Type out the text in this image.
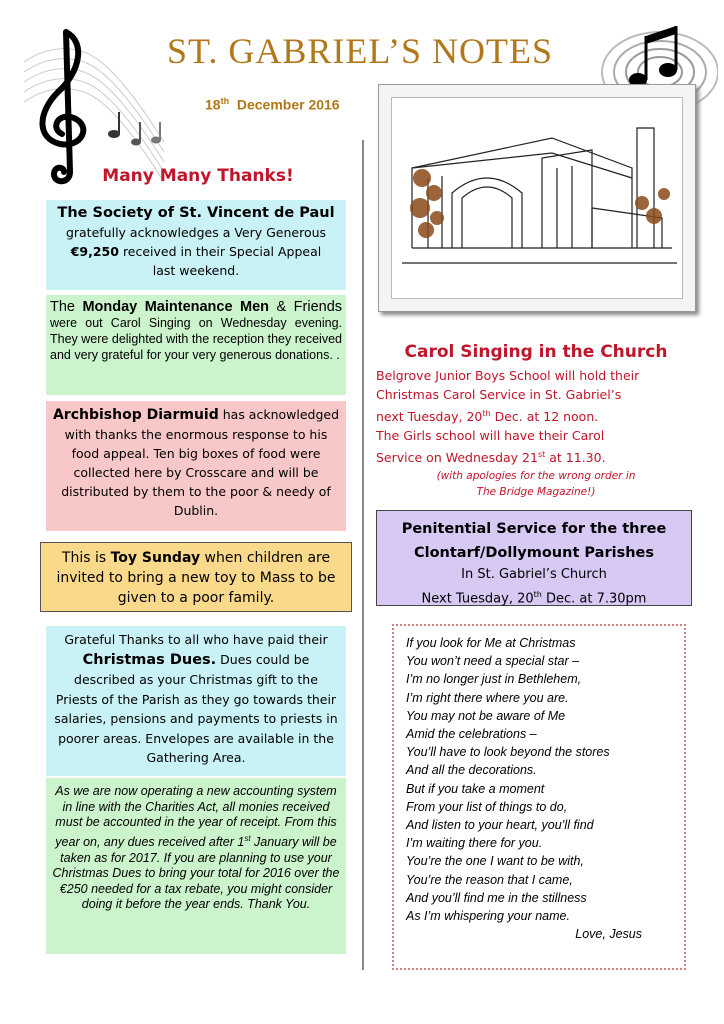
ST. GABRIEL’S NOTES
18th December 2016
Many Many Thanks!
The Society of St. Vincent de Paul
gratefully acknowledges a Very Generous
€9,250 received in their Special Appeal
last weekend.
The Monday Maintenance Men & Friends were out Carol Singing on Wednesday evening. They were delighted with the reception they received and very grateful for your very generous donations. .
Archbishop Diarmuid has acknowledged with thanks the enormous response to his food appeal. Ten big boxes of food were collected here by Crosscare and will be distributed by them to the poor & needy of Dublin.
This is Toy Sunday when children are invited to bring a new toy to Mass to be given to a poor family.
Grateful Thanks to all who have paid their
Christmas Dues. Dues could be described as your Christmas gift to the Priests of the Parish as they go towards their salaries, pensions and payments to priests in poorer areas. Envelopes are available in the Gathering Area.
As we are now operating a new accounting system in line with the Charities Act, all monies received must be accounted in the year of receipt. From this year on, any dues received after 1st January will be taken as for 2017. If you are planning to use your Christmas Dues to bring your total for 2016 over the €250 needed for a tax rebate, you might consider doing it before the year ends. Thank You.
Carol Singing in the Church
Belgrove Junior Boys School will hold their
Christmas Carol Service in St. Gabriel’s
next Tuesday, 20th Dec. at 12 noon.
The Girls school will have their Carol
Service on Wednesday 21st at 11.30.
(with apologies for the wrong order in
The Bridge Magazine!)
Penitential Service for the three
Clontarf/Dollymount Parishes
In St. Gabriel’s Church
Next Tuesday, 20th Dec. at 7.30pm
If you look for Me at Christmas
You won’t need a special star –
I’m no longer just in Bethlehem,
I’m right there where you are.
You may not be aware of Me
Amid the celebrations –
You’ll have to look beyond the stores
And all the decorations.
But if you take a moment
From your list of things to do,
And listen to your heart, you’ll find
I’m waiting there for you.
You’re the one I want to be with,
You’re the reason that I came,
And you’ll find me in the stillness
As I’m whispering your name.
Love, Jesus
